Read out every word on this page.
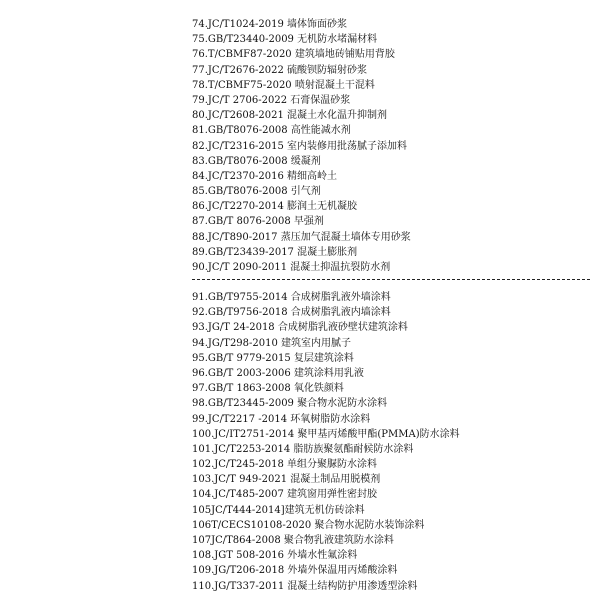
74.JC/T1024-2019 墙体饰面砂浆
75.GB/T23440-2009 无机防水堵漏材料
76.T/CBMF87-2020 建筑墙地砖铺贴用背胶
77.JC/T2676-2022 硫酸钡防辐射砂浆
78.T/CBMF75-2020 喷射混凝土干混料
79.JC/T 2706-2022 石膏保温砂浆
80.JC/T2608-2021 混凝土水化温升抑制剂
81.GB/T8076-2008 高性能减水剂
82.JC/T2316-2015 室内装修用批荡腻子添加料
83.GB/T8076-2008 缓凝剂
84.JC/T2370-2016 精细高岭土
85.GB/T8076-2008 引气剂
86.JC/T2270-2014 膨润土无机凝胶
87.GB/T 8076-2008 早强剂
88.JC/T890-2017 蒸压加气混凝土墙体专用砂浆
89.GB/T23439-2017 混凝土膨胀剂
90.JC/T 2090-2011 混凝土抑温抗裂防水剂
91.GB/T9755-2014 合成树脂乳液外墙涂料
92.GB/T9756-2018 合成树脂乳液内墙涂料
93.JG/T 24-2018 合成树脂乳液砂壁状建筑涂料
94.JG/T298-2010 建筑室内用腻子
95.GB/T 9779-2015 复层建筑涂料
96.GB/T 2003-2006 建筑涂料用乳液
97.GB/T 1863-2008 氧化铁颜料
98.GB/T23445-2009 聚合物水泥防水涂料
99.JC/T2217 -2014 环氧树脂防水涂料
100.JC/IT2751-2014 聚甲基丙烯酸甲酯(PMMA)防水涂料
101.JC/T2253-2014 脂肪族聚氨酯耐候防水涂料
102.JC/T245-2018 单组分聚脲防水涂料
103.JC/T 949-2021 混凝土制品用脱模剂
104.JC/T485-2007 建筑窗用弹性密封胶
105JC/T444-2014]建筑无机仿砖涂料
106T/CECS10108-2020 聚合物水泥防水装饰涂料
107JC/T864-2008 聚合物乳液建筑防水涂料
108.JGT 508-2016 外墙水性氟涂料
109.JG/T206-2018 外墙外保温用丙烯酸涂料
110.JG/T337-2011 混凝土结构防护用渗透型涂料
